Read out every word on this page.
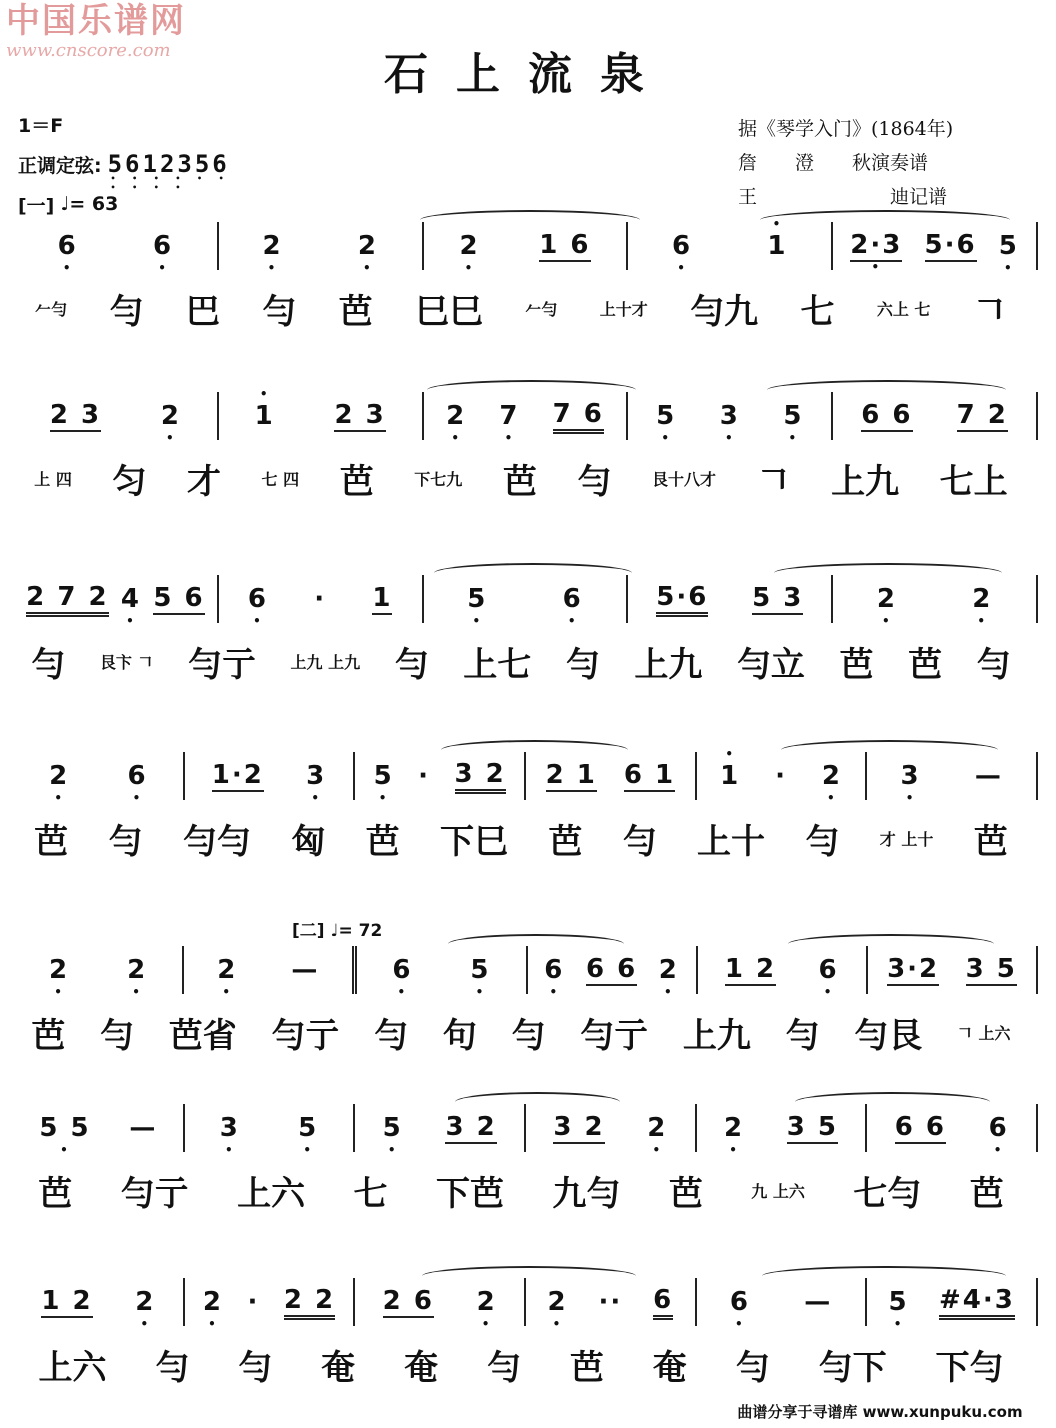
中国乐谱网
www.cnscore.com	石上流泉
1＝F
正调定弦: 5612356 • • •
[一] ♩= 63
据《琴学入门》(1864年)
詹　　澄　　秋演奏谱
王　　　　　　　迪记谱
[二] ♩= 72
6 •	6 •	2 •	2 •	2 • 1 6	6 •	• 1 2·3 • 5·6 5 •
𠂉勻 勻 巴 勻 芭 巳巳	𠂉勻	上十才 勻九 七	六上 七 𠃍
2 3 2 •	• 1 2 3 2 • 7 • 7 6 5 • 3 • 5 • 6 6 7 2
上 四 匀 才	七 四 芭	下七九 芭 勻	艮十八才 𠃍 上九 七上
2 7 2 4 • 5 6 6 • · 1	5 •	6 •	5·6 5 3	2 •	2 •
勻 艮卞 𠃍 勻亍 上九 上九 勻 上七 勻 上九 勻立 芭 芭 勻
2 • 6 • 1·2 3 • 5 • · 3 2 2 1 6 1 • 1 · 2 • 3 • —
芭 勻 勻勻 匈 芭 下巳 芭 勻 上十 勻	才 上十 芭
2 • 2 •	2 • —	6 • 5 • 6 • 6 6 2 • 1 2 6 • 3·2 3 5
芭 勻 芭省 勻亍 勻 句 勻 勻亍 上九 勻 勻艮 𠃍 上六
5 5 • — 3 • 5 • 5 • 3 2 3 2 2 • 2 • 3 5 6 6 6 •
芭 勻亍 上六 七 下芭 九勻 芭	九 上六 七勻 芭
1 2 2 • 2 • · 2 2 2 6 2 • 2 • ·· 6 6 • — 5 • #4·3
上六 勻 勻 奄 奄 勻 芭 奄 勻 勻下 下勻
曲谱分享于寻谱库 www.xunpuku.com
